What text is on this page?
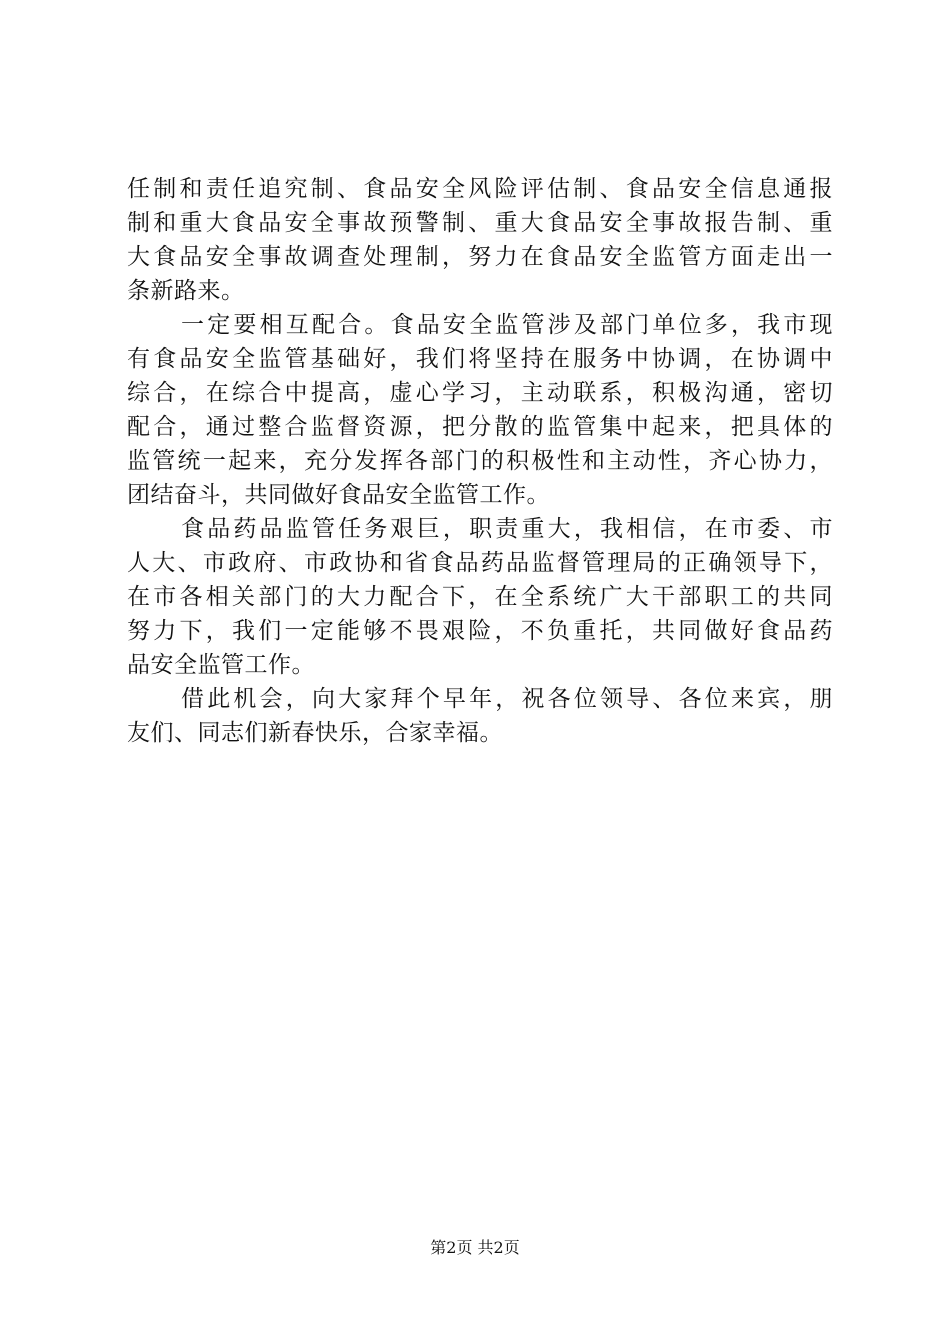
任制和责任追究制、食品安全风险评估制、食品安全信息通报
制和重大食品安全事故预警制、重大食品安全事故报告制、重
大食品安全事故调查处理制，努力在食品安全监管方面走出一
条新路来。
一定要相互配合。食品安全监管涉及部门单位多，我市现
有食品安全监管基础好，我们将坚持在服务中协调，在协调中
综合，在综合中提高，虚心学习，主动联系，积极沟通，密切
配合，通过整合监督资源，把分散的监管集中起来，把具体的
监管统一起来，充分发挥各部门的积极性和主动性，齐心协力，
团结奋斗，共同做好食品安全监管工作。
食品药品监管任务艰巨，职责重大，我相信，在市委、市
人大、市政府、市政协和省食品药品监督管理局的正确领导下，
在市各相关部门的大力配合下，在全系统广大干部职工的共同
努力下，我们一定能够不畏艰险，不负重托，共同做好食品药
品安全监管工作。
借此机会，向大家拜个早年，祝各位领导、各位来宾，朋
友们、同志们新春快乐，合家幸福。
第2页 共2页
